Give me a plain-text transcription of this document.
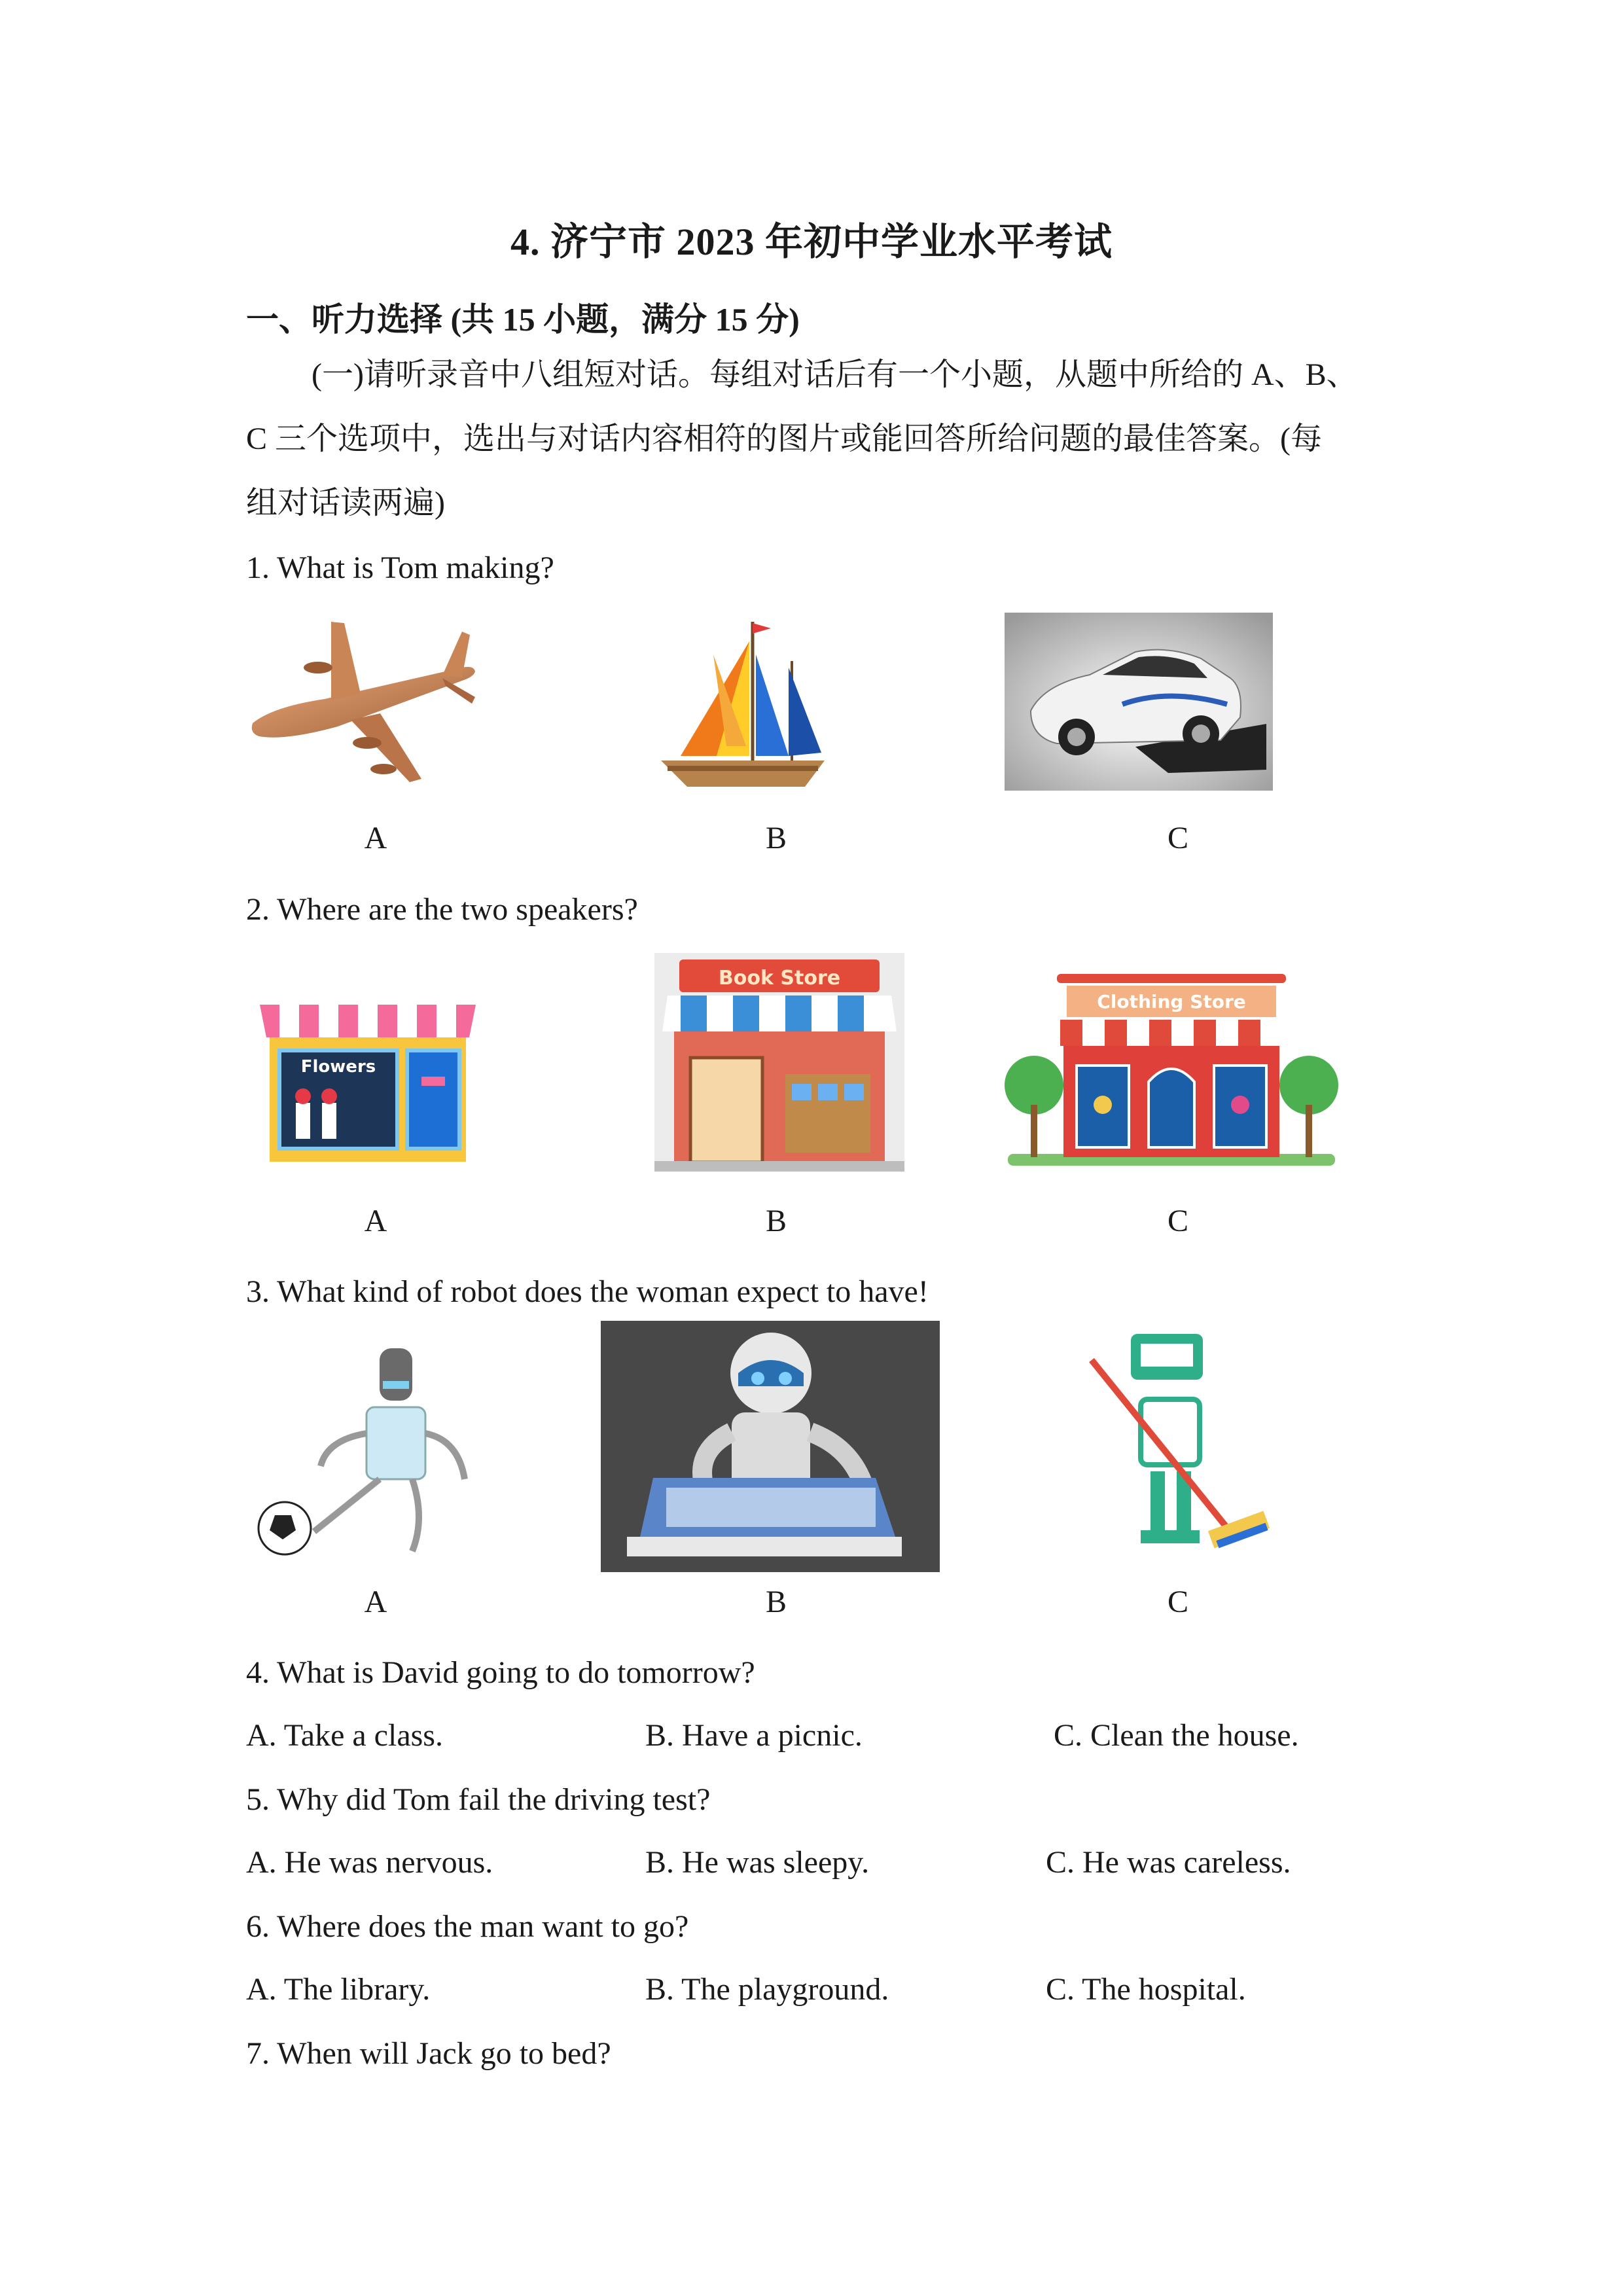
4. 济宁市 2023 年初中学业水平考试
一、听力选择 (共 15 小题，满分 15 分)
(一)请听录音中八组短对话。每组对话后有一个小题，从题中所给的 A、B、
C 三个选项中，选出与对话内容相符的图片或能回答所给问题的最佳答案。(每
组对话读两遍)
1. What is Tom making?
A	B	C
2. Where are the two speakers?
Flowers
Book Store
Clothing Store
A	B	C
3. What kind of robot does the woman expect to have!
A	B	C
4. What is David going to do tomorrow?
A. Take a class.	B. Have a picnic.	C. Clean the house.
5. Why did Tom fail the driving test?
A. He was nervous.	B. He was sleepy.	C. He was careless.
6. Where does the man want to go?
A. The library.	B. The playground.	C. The hospital.
7. When will Jack go to bed?
